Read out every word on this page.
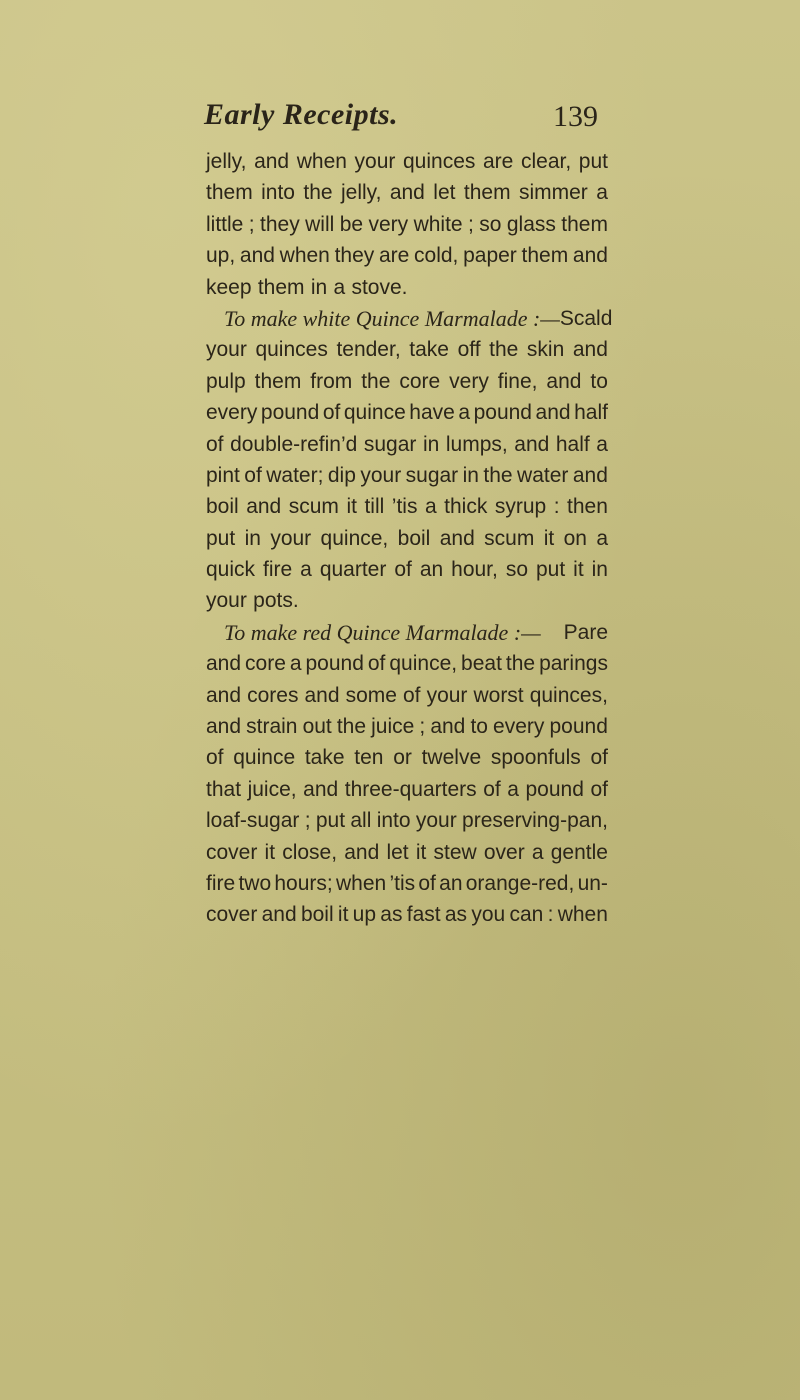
Early Receipts.	139
jelly, and when your quinces are clear, put
them into the jelly, and let them simmer a
little ; they will be very white ; so glass them
up, and when they are cold, paper them and
keep them in a stove.
To make white Quince Marmalade :— Scald
your quinces tender, take off the skin and
pulp them from the core very fine, and to
every pound of quince have a pound and half
of double-refin’d sugar in lumps, and half a
pint of water; dip your sugar in the water and
boil and scum it till ’tis a thick syrup : then
put in your quince, boil and scum it on a
quick fire a quarter of an hour, so put it in
your pots.
To make red Quince Marmalade :— Pare
and core a pound of quince, beat the parings
and cores and some of your worst quinces,
and strain out the juice ; and to every pound
of quince take ten or twelve spoonfuls of
that juice, and three-quarters of a pound of
loaf-sugar ; put all into your preserving-pan,
cover it close, and let it stew over a gentle
fire two hours; when ’tis of an orange-red, un-
cover and boil it up as fast as you can : when
